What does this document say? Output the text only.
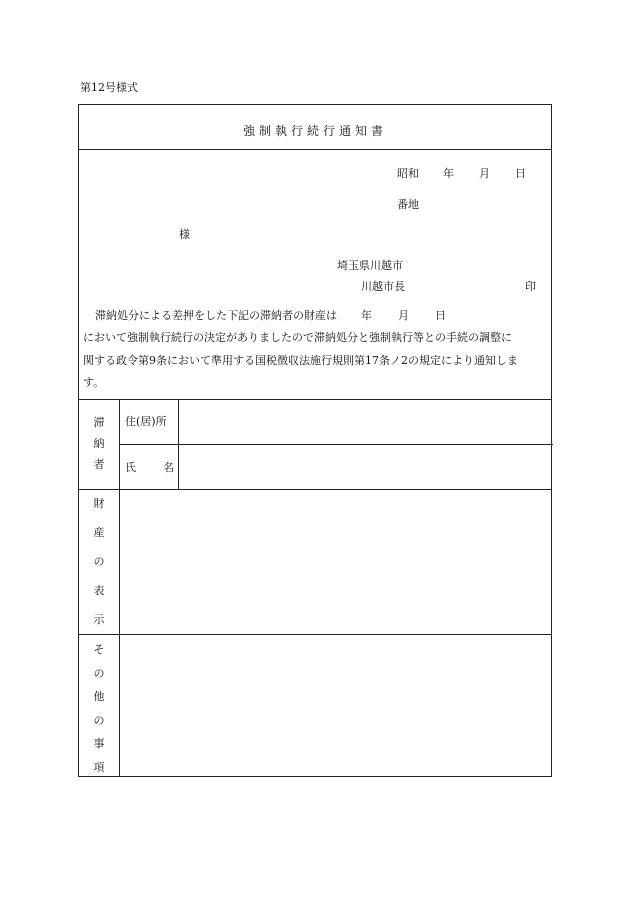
第12号様式
強制執行続行通知書
昭和 年 月 日
番地
様
埼玉県川越市
川越市長	印
滞納処分による差押をした下記の滞納者の財産は 年 月 日
において強制執行続行の決定がありましたので滞納処分と強制執行等との手続の調整に
関する政令第9条において準用する国税徴収法施行規則第17条ノ2の規定により通知しま
す。
滞
納
者
住(居)所
氏 名
財
産
の
表
示
そ
の
他
の
事
項
